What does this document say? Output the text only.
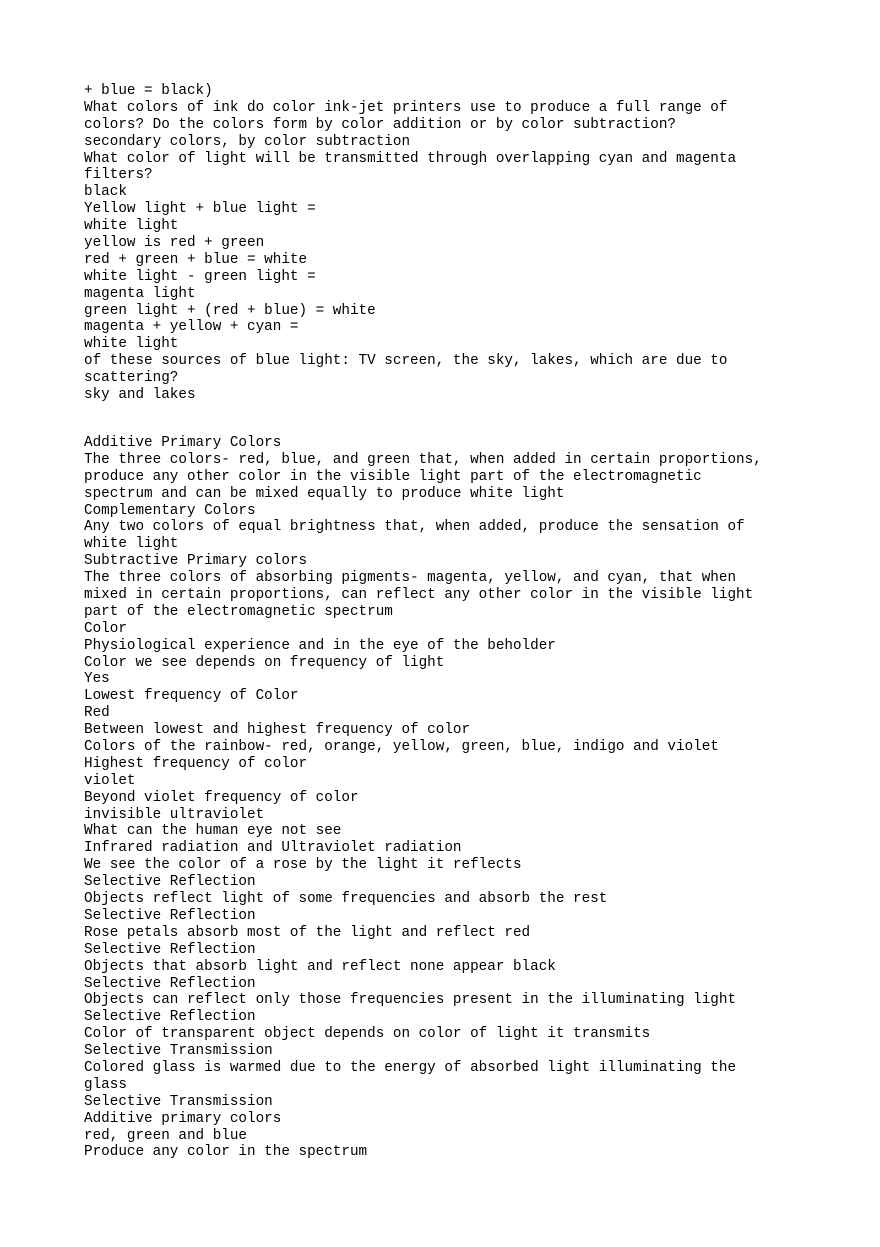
+ blue = black)
What colors of ink do color ink-jet printers use to produce a full range of
colors? Do the colors form by color addition or by color subtraction?
secondary colors, by color subtraction
What color of light will be transmitted through overlapping cyan and magenta
filters?
black
Yellow light + blue light =
white light
yellow is red + green
red + green + blue = white
white light - green light =
magenta light
green light + (red + blue) = white
magenta + yellow + cyan =
white light
of these sources of blue light: TV screen, the sky, lakes, which are due to
scattering?
sky and lakes
Additive Primary Colors
The three colors- red, blue, and green that, when added in certain proportions,
produce any other color in the visible light part of the electromagnetic
spectrum and can be mixed equally to produce white light
Complementary Colors
Any two colors of equal brightness that, when added, produce the sensation of
white light
Subtractive Primary colors
The three colors of absorbing pigments- magenta, yellow, and cyan, that when
mixed in certain proportions, can reflect any other color in the visible light
part of the electromagnetic spectrum
Color
Physiological experience and in the eye of the beholder
Color we see depends on frequency of light
Yes
Lowest frequency of Color
Red
Between lowest and highest frequency of color
Colors of the rainbow- red, orange, yellow, green, blue, indigo and violet
Highest frequency of color
violet
Beyond violet frequency of color
invisible ultraviolet
What can the human eye not see
Infrared radiation and Ultraviolet radiation
We see the color of a rose by the light it reflects
Selective Reflection
Objects reflect light of some frequencies and absorb the rest
Selective Reflection
Rose petals absorb most of the light and reflect red
Selective Reflection
Objects that absorb light and reflect none appear black
Selective Reflection
Objects can reflect only those frequencies present in the illuminating light
Selective Reflection
Color of transparent object depends on color of light it transmits
Selective Transmission
Colored glass is warmed due to the energy of absorbed light illuminating the
glass
Selective Transmission
Additive primary colors
red, green and blue
Produce any color in the spectrum
